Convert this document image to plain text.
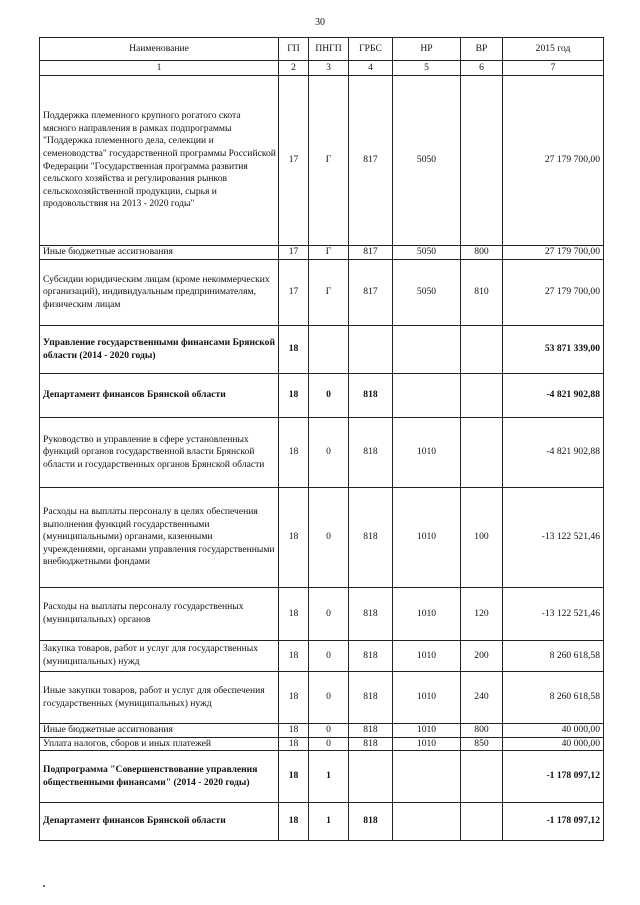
30
Наименование	ГП	ПНГП	ГРБС	НР	ВР	2015 год
1	2	3	4	5	6	7
Поддержка племенного крупного рогатого скота мясного направления в рамках подпрограммы "Поддержка племенного дела, селекции и семеноводства" государственной программы Российской Федерации "Государственная программа развития сельского хозяйства и регулирования рынков сельскохозяйственной продукции, сырья и продовольствия на 2013 - 2020 годы"	17	Г	817	5050		27 179 700,00
Иные бюджетные ассигнования	17	Г	817	5050	800	27 179 700,00
Субсидии юридическим лицам (кроме некоммерческих организаций), индивидуальным предпринимателям, физическим лицам	17	Г	817	5050	810	27 179 700,00
Управление государственными финансами Брянской области (2014 - 2020 годы)	18					53 871 339,00
Департамент финансов Брянской области	18	0	818			-4 821 902,88
Руководство и управление в сфере установленных функций органов государственной власти Брянской области и государственных органов Брянской области	18	0	818	1010		-4 821 902,88
Расходы на выплаты персоналу в целях обеспечения выполнения функций государственными (муниципальными) органами, казенными учреждениями, органами управления государственными внебюджетными фондами	18	0	818	1010	100	-13 122 521,46
Расходы на выплаты персоналу государственных (муниципальных) органов	18	0	818	1010	120	-13 122 521,46
Закупка товаров, работ и услуг для государственных (муниципальных) нужд	18	0	818	1010	200	8 260 618,58
Иные закупки товаров, работ и услуг для обеспечения государственных (муниципальных) нужд	18	0	818	1010	240	8 260 618,58
Иные бюджетные ассигнования	18	0	818	1010	800	40 000,00
Уплата налогов, сборов и иных платежей	18	0	818	1010	850	40 000,00
Подпрограмма "Совершенствование управления общественными финансами" (2014 - 2020 годы)	18	1				-1 178 097,12
Департамент финансов Брянской области	18	1	818			-1 178 097,12
